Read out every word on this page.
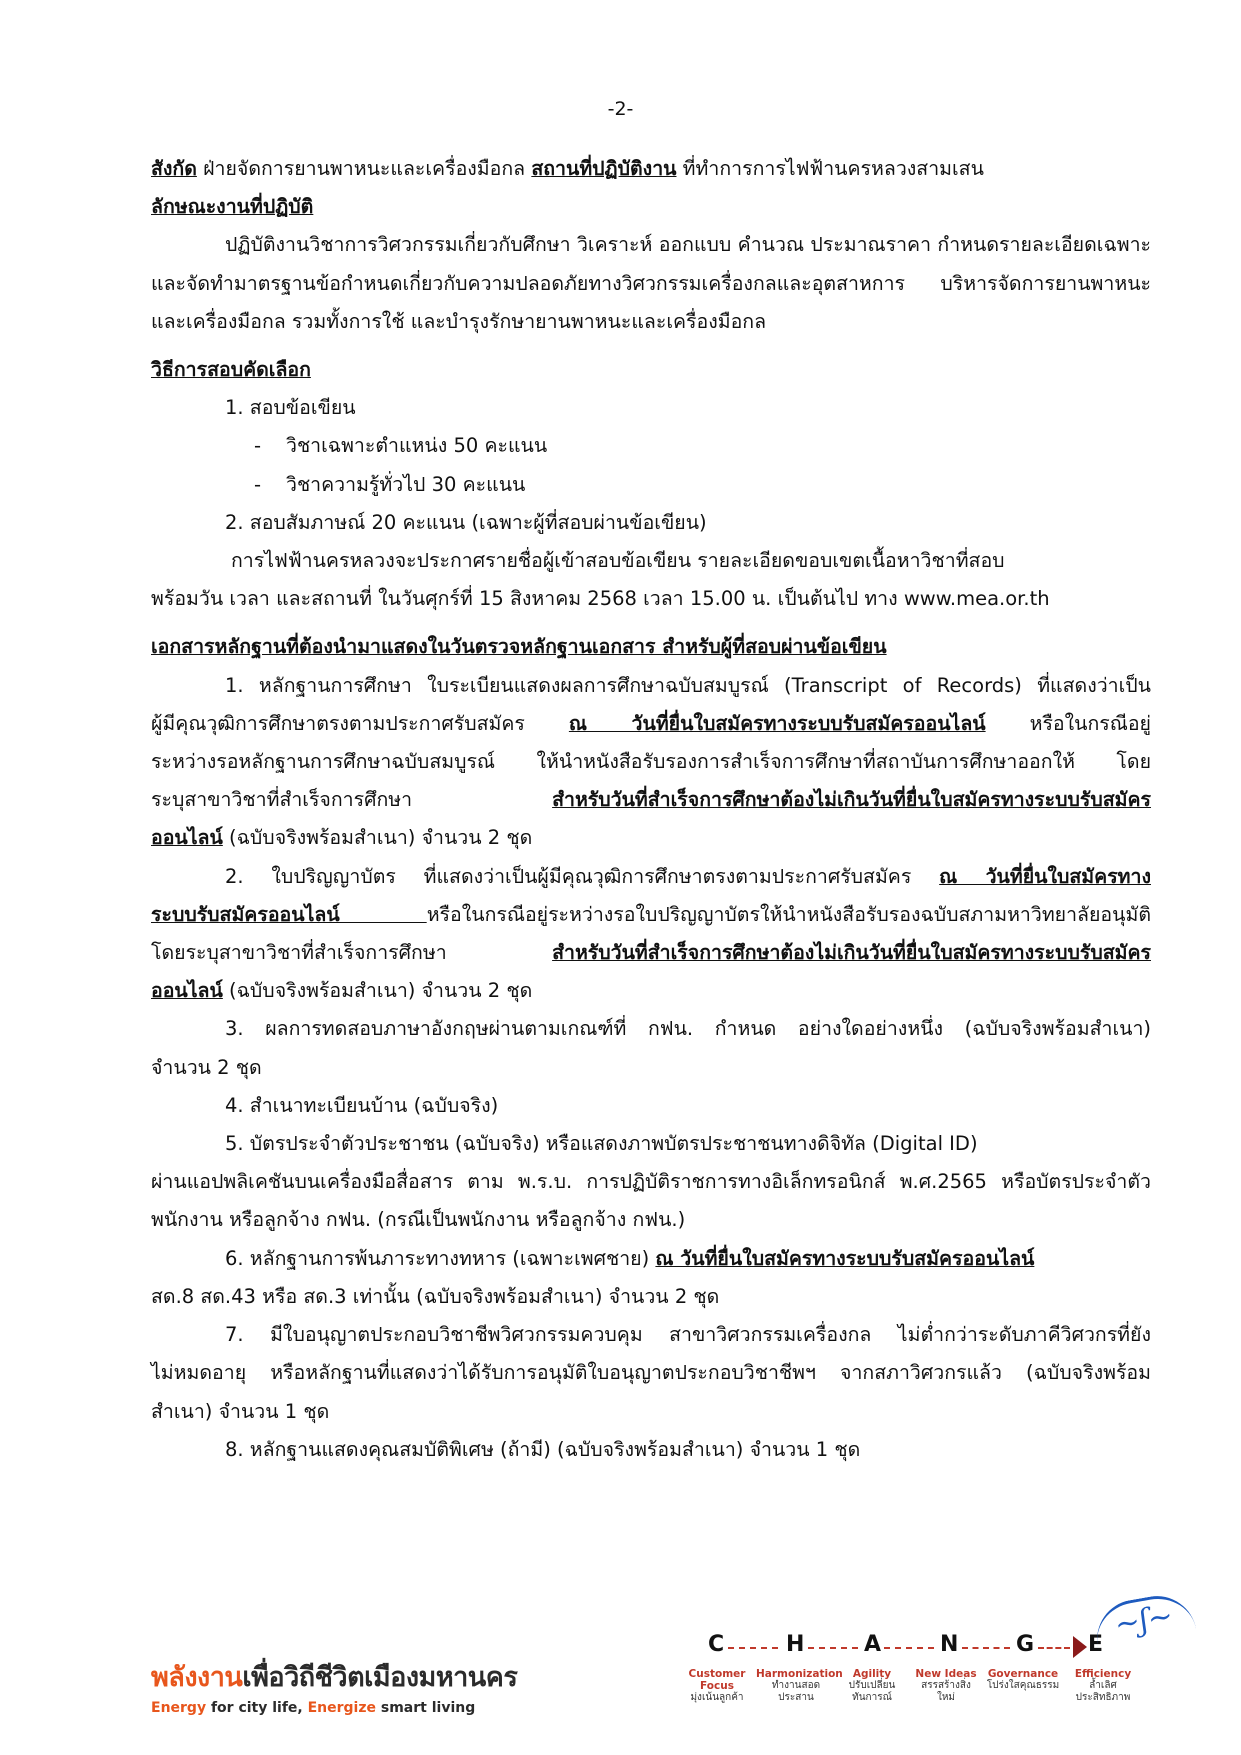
-2-
สังกัด ฝ่ายจัดการยานพาหนะและเครื่องมือกล สถานที่ปฏิบัติงาน ที่ทำการการไฟฟ้านครหลวงสามเสน
ลักษณะงานที่ปฏิบัติ
ปฏิบัติงานวิชาการวิศวกรรมเกี่ยวกับศึกษา วิเคราะห์ ออกแบบ คำนวณ ประมาณราคา กำหนดรายละเอียดเฉพาะ
และจัดทำมาตรฐานข้อกำหนดเกี่ยวกับความปลอดภัยทางวิศวกรรมเครื่องกลและอุตสาหการ บริหารจัดการยานพาหนะ
และเครื่องมือกล รวมทั้งการใช้ และบำรุงรักษายานพาหนะและเครื่องมือกล
วิธีการสอบคัดเลือก
1. สอบข้อเขียน
- วิชาเฉพาะตำแหน่ง 50 คะแนน
- วิชาความรู้ทั่วไป 30 คะแนน
2. สอบสัมภาษณ์ 20 คะแนน (เฉพาะผู้ที่สอบผ่านข้อเขียน)
การไฟฟ้านครหลวงจะประกาศรายชื่อผู้เข้าสอบข้อเขียน รายละเอียดขอบเขตเนื้อหาวิชาที่สอบ
พร้อมวัน เวลา และสถานที่ ในวันศุกร์ที่ 15 สิงหาคม 2568 เวลา 15.00 น. เป็นต้นไป ทาง www.mea.or.th
เอกสารหลักฐานที่ต้องนำมาแสดงในวันตรวจหลักฐานเอกสาร สำหรับผู้ที่สอบผ่านข้อเขียน
1. หลักฐานการศึกษา ใบระเบียนแสดงผลการศึกษาฉบับสมบูรณ์ (Transcript of Records) ที่แสดงว่าเป็น
ผู้มีคุณวุฒิการศึกษาตรงตามประกาศรับสมัคร ณ วันที่ยื่นใบสมัครทางระบบรับสมัครออนไลน์ หรือในกรณีอยู่
ระหว่างรอหลักฐานการศึกษาฉบับสมบูรณ์ ให้นำหนังสือรับรองการสำเร็จการศึกษาที่สถาบันการศึกษาออกให้ โดย
ระบุสาขาวิชาที่สำเร็จการศึกษา สำหรับวันที่สำเร็จการศึกษาต้องไม่เกินวันที่ยื่นใบสมัครทางระบบรับสมัคร
ออนไลน์ (ฉบับจริงพร้อมสำเนา) จำนวน 2 ชุด
2. ใบปริญญาบัตร ที่แสดงว่าเป็นผู้มีคุณวุฒิการศึกษาตรงตามประกาศรับสมัคร ณ วันที่ยื่นใบสมัครทาง
ระบบรับสมัครออนไลน์ หรือในกรณีอยู่ระหว่างรอใบปริญญาบัตรให้นำหนังสือรับรองฉบับสภามหาวิทยาลัยอนุมัติ
โดยระบุสาขาวิชาที่สำเร็จการศึกษา สำหรับวันที่สำเร็จการศึกษาต้องไม่เกินวันที่ยื่นใบสมัครทางระบบรับสมัคร
ออนไลน์ (ฉบับจริงพร้อมสำเนา) จำนวน 2 ชุด
3. ผลการทดสอบภาษาอังกฤษผ่านตามเกณฑ์ที่ กฟน. กำหนด อย่างใดอย่างหนึ่ง (ฉบับจริงพร้อมสำเนา)
จำนวน 2 ชุด
4. สำเนาทะเบียนบ้าน (ฉบับจริง)
5. บัตรประจำตัวประชาชน (ฉบับจริง) หรือแสดงภาพบัตรประชาชนทางดิจิทัล (Digital ID)
ผ่านแอปพลิเคชันบนเครื่องมือสื่อสาร ตาม พ.ร.บ. การปฏิบัติราชการทางอิเล็กทรอนิกส์ พ.ศ.2565 หรือบัตรประจำตัว
พนักงาน หรือลูกจ้าง กฟน. (กรณีเป็นพนักงาน หรือลูกจ้าง กฟน.)
6. หลักฐานการพ้นภาระทางทหาร (เฉพาะเพศชาย) ณ วันที่ยื่นใบสมัครทางระบบรับสมัครออนไลน์
สด.8 สด.43 หรือ สด.3 เท่านั้น (ฉบับจริงพร้อมสำเนา) จำนวน 2 ชุด
7. มีใบอนุญาตประกอบวิชาชีพวิศวกรรมควบคุม สาขาวิศวกรรมเครื่องกล ไม่ต่ำกว่าระดับภาคีวิศวกรที่ยัง
ไม่หมดอายุ หรือหลักฐานที่แสดงว่าได้รับการอนุมัติใบอนุญาตประกอบวิชาชีพฯ จากสภาวิศวกรแล้ว (ฉบับจริงพร้อม
สำเนา) จำนวน 1 ชุด
8. หลักฐานแสดงคุณสมบัติพิเศษ (ถ้ามี) (ฉบับจริงพร้อมสำเนา) จำนวน 1 ชุด
พลังงานเพื่อวิถีชีวิตเมืองมหานคร
Energy for city life, Energize smart living
C	H	A	N	G E
Customer Focus
มุ่งเน้นลูกค้า
Harmonization
ทำงานสอดประสาน
Agility
ปรับเปลี่ยนทันการณ์
New Ideas
สรรสร้างสิ่งใหม่
Governance
โปร่งใสคุณธรรม
Efficiency
ล้ำเลิศประสิทธิภาพ
~ʃ~
